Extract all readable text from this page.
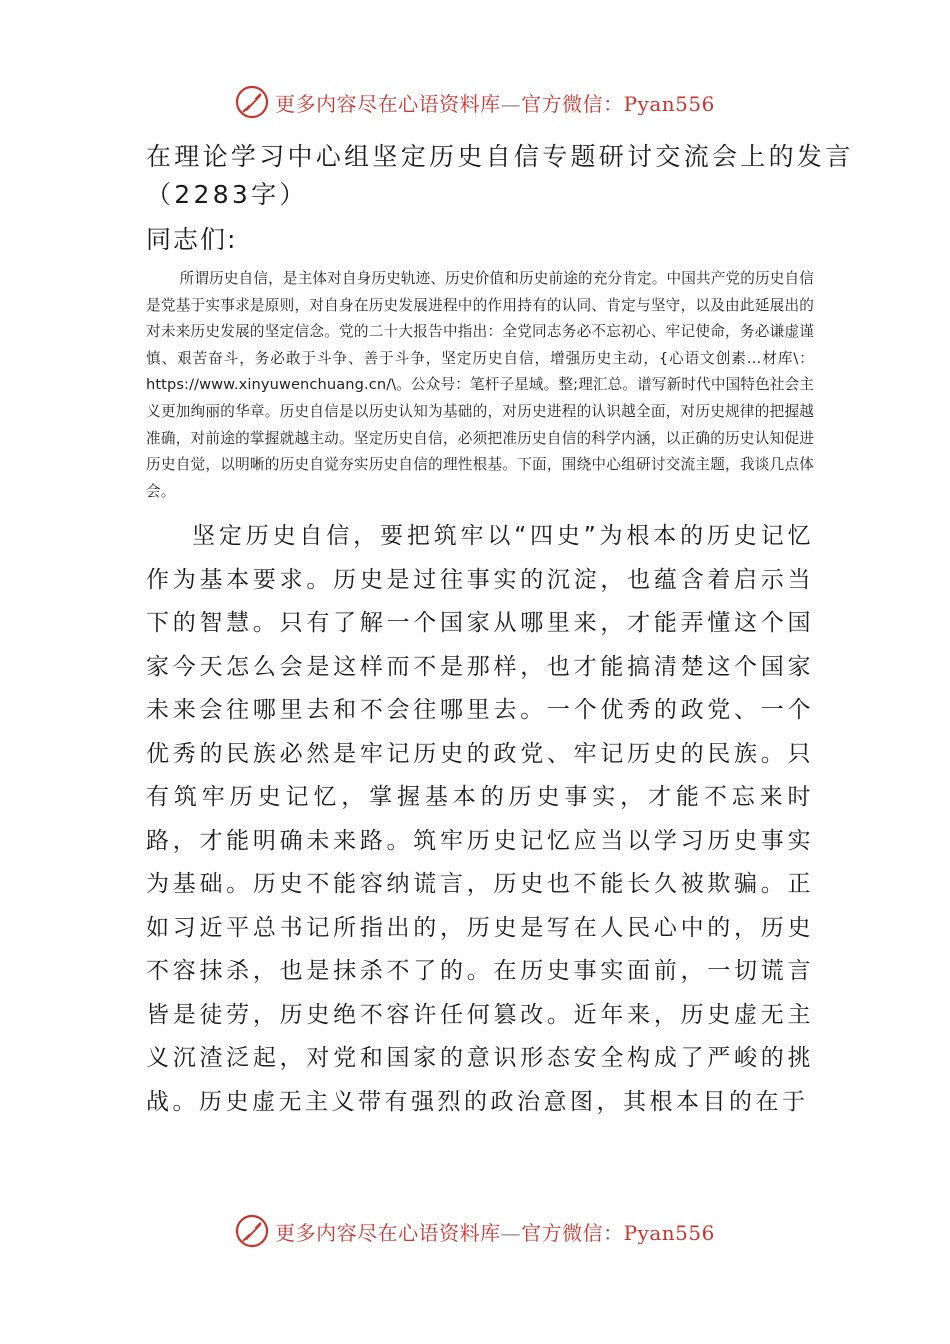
更多内容尽在心语资料库—官方微信：Pyan556
在理论学习中心组坚定历史自信专题研讨交流会上的发言
（2283字）

同志们:

所谓历史自信，是主体对自身历史轨迹、历史价值和历史前途的充分肯定。中国共产党的历史自信是党基于实事求是原则，对自身在历史发展进程中的作用持有的认同、肯定与坚守，以及由此延展出的对未来历史发展的坚定信念。党的二十大报告中指出：全党同志务必不忘初心、牢记使命，务必谦虚谨慎、艰苦奋斗，务必敢于斗争、善于斗争，坚定历史自信，增强历史主动，{心语文创素…材库\：https://www.xinyuwenchuang.cn/\。公众号：笔杆子星域。整;理汇总。谱写新时代中国特色社会主义更加绚丽的华章。历史自信是以历史认知为基础的，对历史进程的认识越全面，对历史规律的把握越准确，对前途的掌握就越主动。坚定历史自信，必须把准历史自信的科学内涵，以正确的历史认知促进历史自觉，以明晰的历史自觉夯实历史自信的理性根基。下面，围绕中心组研讨交流主题，我谈几点体会。

坚定历史自信，要把筑牢以“四史”为根本的历史记忆作为基本要求。历史是过往事实的沉淀，也蕴含着启示当下的智慧。只有了解一个国家从哪里来，才能弄懂这个国家今天怎么会是这样而不是那样，也才能搞清楚这个国家未来会往哪里去和不会往哪里去。一个优秀的政党、一个优秀的民族必然是牢记历史的政党、牢记历史的民族。只有筑牢历史记忆，掌握基本的历史事实，才能不忘来时路，才能明确未来路。筑牢历史记忆应当以学习历史事实为基础。历史不能容纳谎言，历史也不能长久被欺骗。正如习近平总书记所指出的，历史是写在人民心中的，历史不容抹杀，也是抹杀不了的。在历史事实面前，一切谎言皆是徒劳，历史绝不容许任何篡改。近年来，历史虚无主义沉渣泛起，对党和国家的意识形态安全构成了严峻的挑战。历史虚无主义带有强烈的政治意图，其根本目的在于

更多内容尽在心语资料库—官方微信：Pyan556
